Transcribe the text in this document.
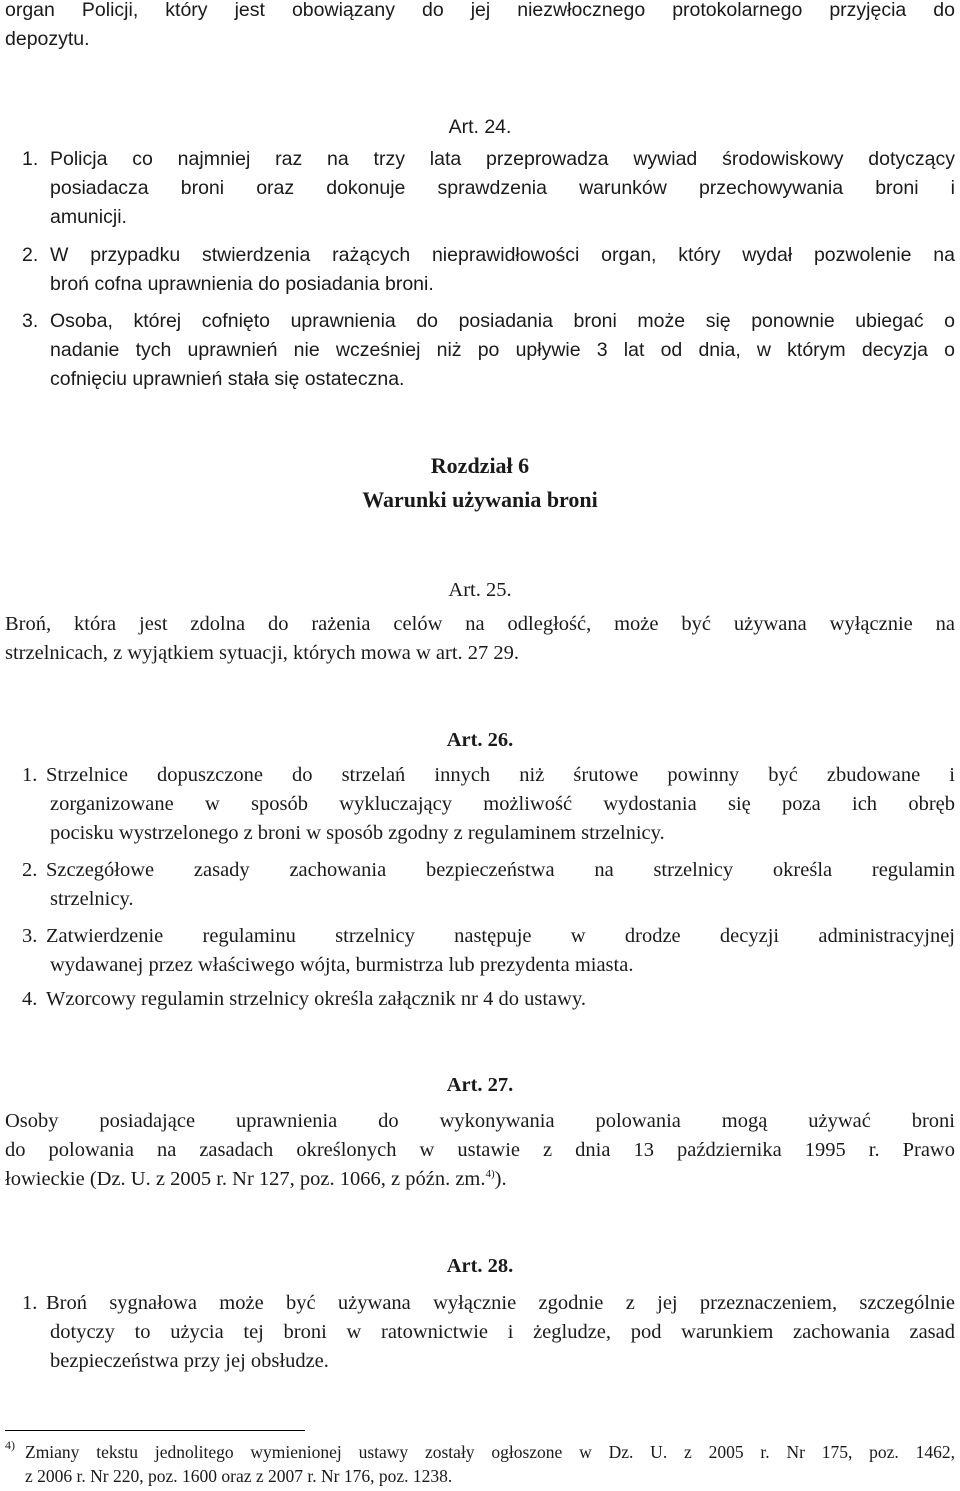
organ Policji, który jest obowiązany do jej niezwłocznego protokolarnego przyjęcia do
depozytu.
Art. 24.
1. Policja co najmniej raz na trzy lata przeprowadza wywiad środowiskowy dotyczący
posiadacza broni oraz dokonuje sprawdzenia warunków przechowywania broni i
amunicji.
2. W przypadku stwierdzenia rażących nieprawidłowości organ, który wydał pozwolenie na
broń cofna uprawnienia do posiadania broni.
3. Osoba, której cofnięto uprawnienia do posiadania broni może się ponownie ubiegać o
nadanie tych uprawnień nie wcześniej niż po upływie 3 lat od dnia, w którym decyzja o
cofnięciu uprawnień stała się ostateczna.
Rozdział 6
Warunki używania broni
Art. 25.
Broń, która jest zdolna do rażenia celów na odległość, może być używana wyłącznie na
strzelnicach, z wyjątkiem sytuacji, których mowa w art. 27 29.
Art. 26.
1. Strzelnice dopuszczone do strzelań innych niż śrutowe powinny być zbudowane i
zorganizowane w sposób wykluczający możliwość wydostania się poza ich obręb
pocisku wystrzelonego z broni w sposób zgodny z regulaminem strzelnicy.
2. Szczegółowe zasady zachowania bezpieczeństwa na strzelnicy określa regulamin
strzelnicy.
3. Zatwierdzenie regulaminu strzelnicy następuje w drodze decyzji administracyjnej
wydawanej przez właściwego wójta, burmistrza lub prezydenta miasta.
4. Wzorcowy regulamin strzelnicy określa załącznik nr 4 do ustawy.
Art. 27.
Osoby posiadające uprawnienia do wykonywania polowania mogą używać broni
do polowania na zasadach określonych w ustawie z dnia 13 października 1995 r. Prawo
łowieckie (Dz. U. z 2005 r. Nr 127, poz. 1066, z późn. zm.$^{4)}$).
Art. 28.
1. Broń sygnałowa może być używana wyłącznie zgodnie z jej przeznaczeniem, szczególnie
dotyczy to użycia tej broni w ratownictwie i żegludze, pod warunkiem zachowania zasad
bezpieczeństwa przy jej obsłudze.
4) Zmiany tekstu jednolitego wymienionej ustawy zostały ogłoszone w Dz. U. z 2005 r. Nr 175, poz. 1462,
z 2006 r. Nr 220, poz. 1600 oraz z 2007 r. Nr 176, poz. 1238.
